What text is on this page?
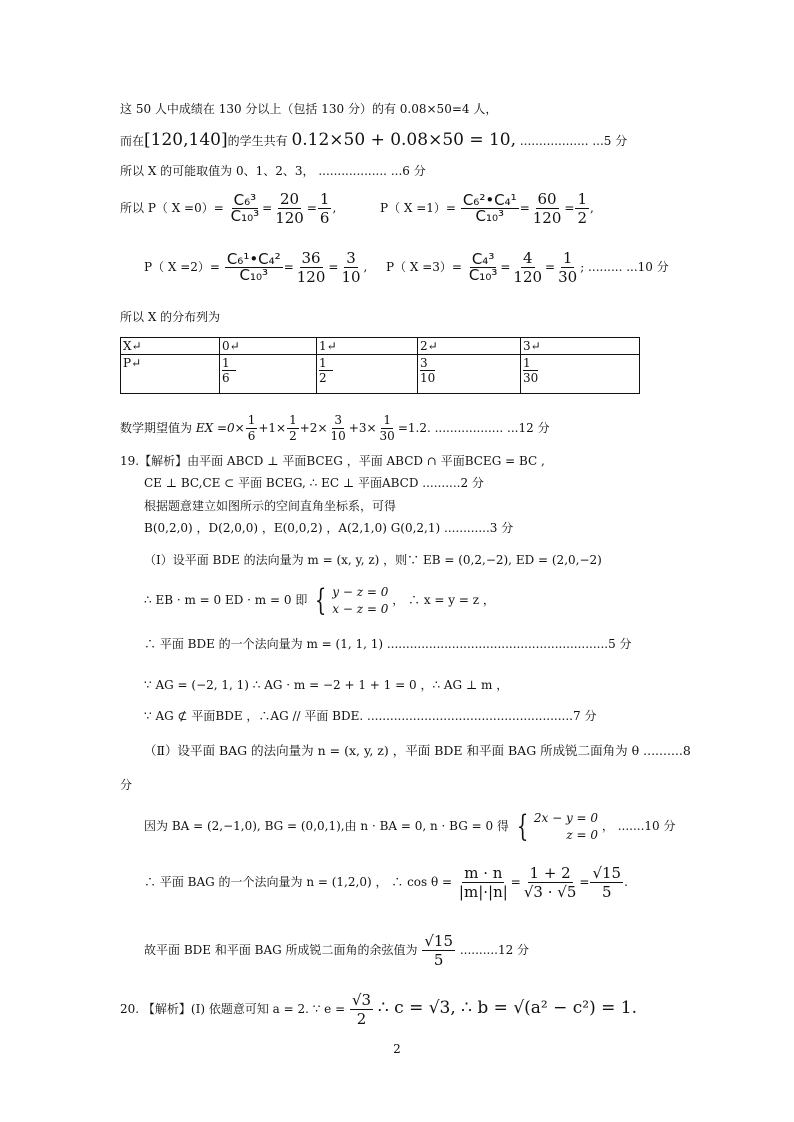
这 50 人中成绩在 130 分以上（包括 130 分）的有 0.08×50=4 人，
而在[120,140]的学生共有 0.12×50 + 0.08×50 = 10, .................. ...5 分
所以 X 的可能取值为 0、1、2、3， .................. ...6 分
所以 P（ $X =0)= \frac{\text{C₆³}}{\text{C₁₀³}} = \frac{20}{120} = \frac{1}{6}$ ,	P（ $X =1)= \frac{\text{C₆²•C₄¹}}{\text{C₁₀³}} = \frac{60}{120} = \frac{1}{2}$ ,
P（ $X =2)= \frac{\text{C₆¹•C₄²}}{\text{C₁₀³}} = \frac{36}{120} = \frac{3}{10}$ , P（ $X =3)= \frac{\text{C₄³}}{\text{C₁₀³}} = \frac{4}{120} = \frac{1}{30}$ ; ......... ...10 分
所以 X 的分布列为
X↵	0↵	1↵	2↵	3↵
P↵	$\frac{1}{6}$	$\frac{1}{2}$	$\frac{3}{10}$	$\frac{1}{30}$
数学期望值为 EX $=0\times \frac{1}{6} +1\times \frac{1}{2} +2\times \frac{3}{10} +3\times \frac{1}{30} =1.2$. .................. ...12 分
19.【解析】由平面 ABCD ⊥ 平面BCEG ，平面 ABCD ∩ 平面BCEG = BC ,
CE ⊥ BC,CE ⊂ 平面 BCEG, ∴ EC ⊥ 平面ABCD ..........2 分
根据题意建立如图所示的空间直角坐标系，可得
B(0,2,0) ，D(2,0,0) ，E(0,0,2) ，A(2,1,0) G(0,2,1) ............3 分
（Ⅰ）设平面 BDE 的法向量为 m = (x, y, z) ，则∵ EB = (0,2,−2), ED = (2,0,−2)
∴ EB · m = 0 ED · m = 0 即 { y − z = 0
x − z = 0
， ∴ x = y = z ，
∴ 平面 BDE 的一个法向量为 m = (1, 1, 1) ..........................................................5 分
∵ AG = (−2, 1, 1) ∴ AG · m = −2 + 1 + 1 = 0 ，∴ AG ⊥ m ，
∵ AG ⊄ 平面BDE ，∴AG // 平面 BDE. ......................................................7 分
（Ⅱ）设平面 BAG 的法向量为 n = (x, y, z) ，平面 BDE 和平面 BAG 所成锐二面角为 θ ..........8
分
因为 BA = (2,−1,0), BG = (0,0,1),由 n · BA = 0, n · BG = 0 得 { 2x − y = 0
z = 0
， .......10 分
∴ 平面 BAG 的一个法向量为 n = (1,2,0) ， ∴ $\cos \theta = \frac{m \cdot n}{|m|\cdot|n|} = \frac{1 + 2}{√3 \cdot √5} = \frac{√15}{5}$ .
故平面 BDE 和平面 BAG 所成锐二面角的余弦值为 $\frac{√15}{5} ..........12$ 分
20. 【解析】(Ⅰ) 依题意可知 a = 2. ∵ $e = \frac{√3}{2}$ ∴ c = √3, ∴ b = √(a² − c²) = 1.
2
